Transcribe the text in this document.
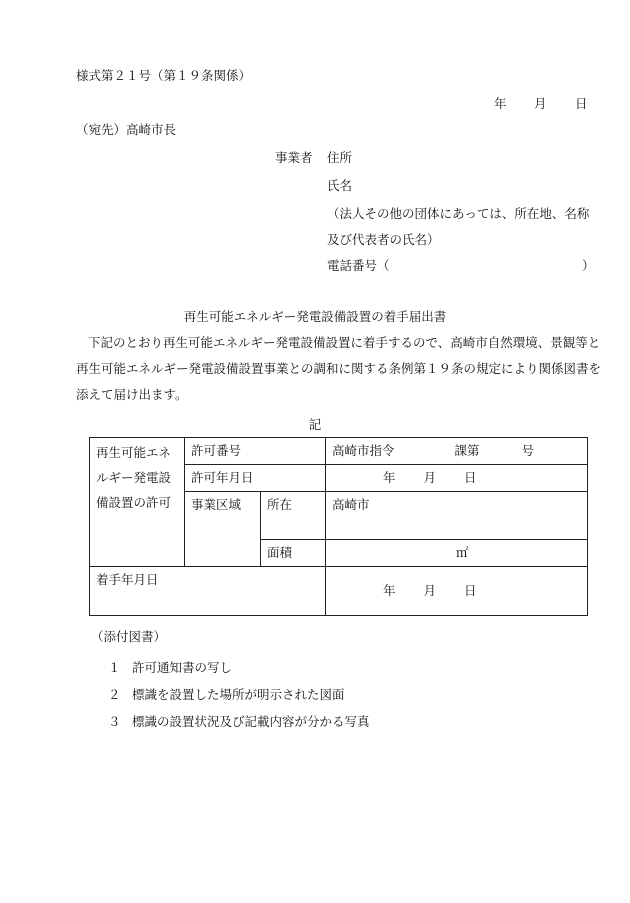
様式第２１号（第１９条関係）
年 月 日
（宛先）高崎市長
事業者 住所
氏名
（法人その他の団体にあっては、所在地、名称
及び代表者の氏名）
電話番号（	）
再生可能エネルギー発電設備設置の着手届出書
下記のとおり再生可能エネルギー発電設備設置に着手するので、高崎市自然環境、景観等と再生可能エネルギー発電設備設置事業との調和に関する条例第１９条の規定により関係図書を添えて届け出ます。
記
再生可能エネルギー発電設備設置の許可	許可番号		高崎市指令 課第 号
	許可年月日		年 月 日
	事業区域	所在	高崎市
		面積	㎡
着手年月日			年 月 日
（添付図書）
１ 許可通知書の写し
２ 標識を設置した場所が明示された図面
３ 標識の設置状況及び記載内容が分かる写真
